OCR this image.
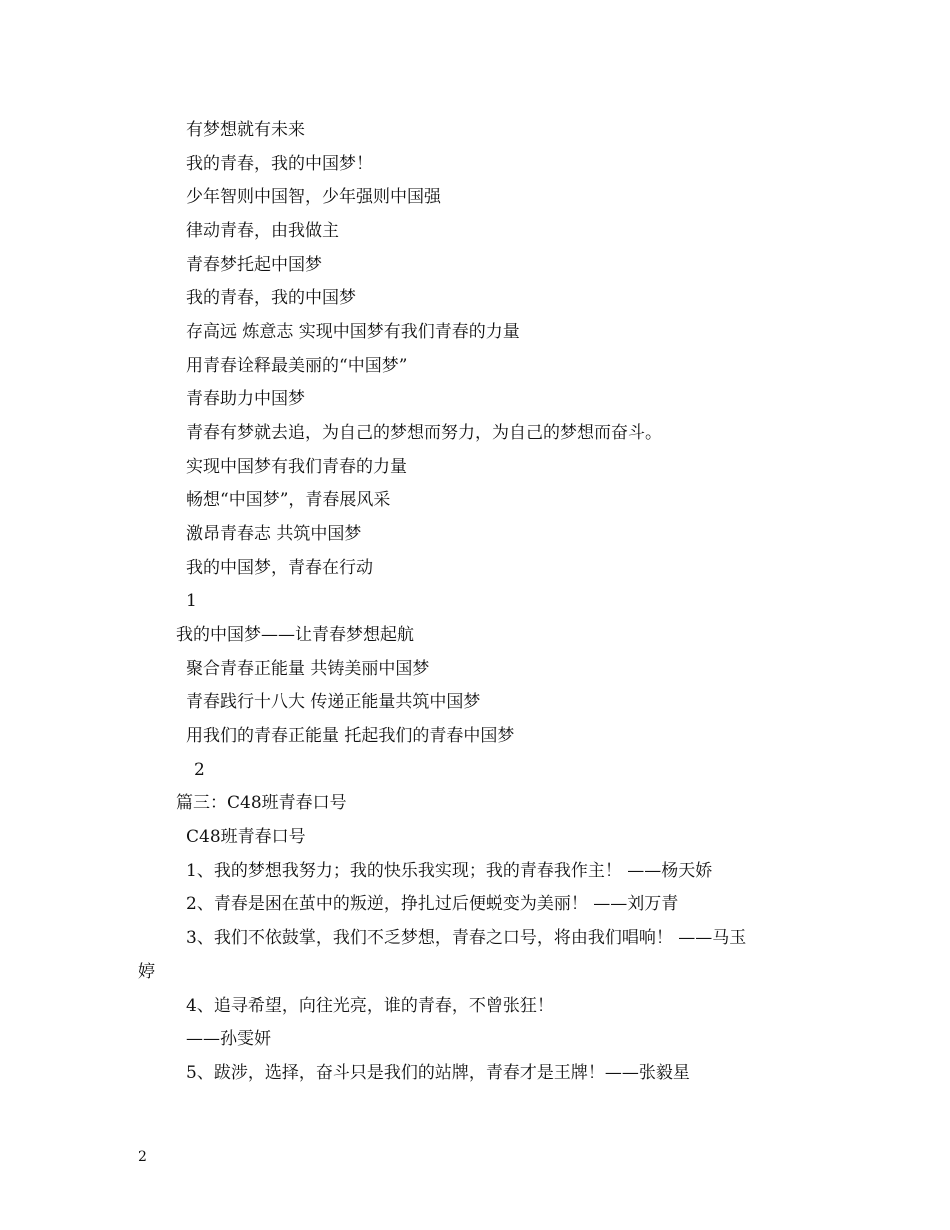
有梦想就有未来
我的青春，我的中国梦！
少年智则中国智，少年强则中国强
律动青春，由我做主
青春梦托起中国梦
我的青春，我的中国梦
存高远 炼意志 实现中国梦有我们青春的力量
用青春诠释最美丽的“中国梦”
青春助力中国梦
青春有梦就去追，为自己的梦想而努力，为自己的梦想而奋斗。
实现中国梦有我们青春的力量
畅想“中国梦”，青春展风采
激昂青春志 共筑中国梦
我的中国梦，青春在行动
1
我的中国梦——让青春梦想起航
聚合青春正能量 共铸美丽中国梦
青春践行十八大 传递正能量共筑中国梦
用我们的青春正能量 托起我们的青春中国梦
2
篇三：C48班青春口号
C48班青春口号
1、我的梦想我努力；我的快乐我实现；我的青春我作主！ ——杨天娇
2、青春是困在茧中的叛逆，挣扎过后便蜕变为美丽！ ——刘万青
3、我们不依鼓掌，我们不乏梦想，青春之口号，将由我们唱响！ ——马玉
婷
4、追寻希望，向往光亮，谁的青春，不曾张狂！
——孙雯妍
5、跋涉，选择，奋斗只是我们的站牌，青春才是王牌！——张毅星
2
